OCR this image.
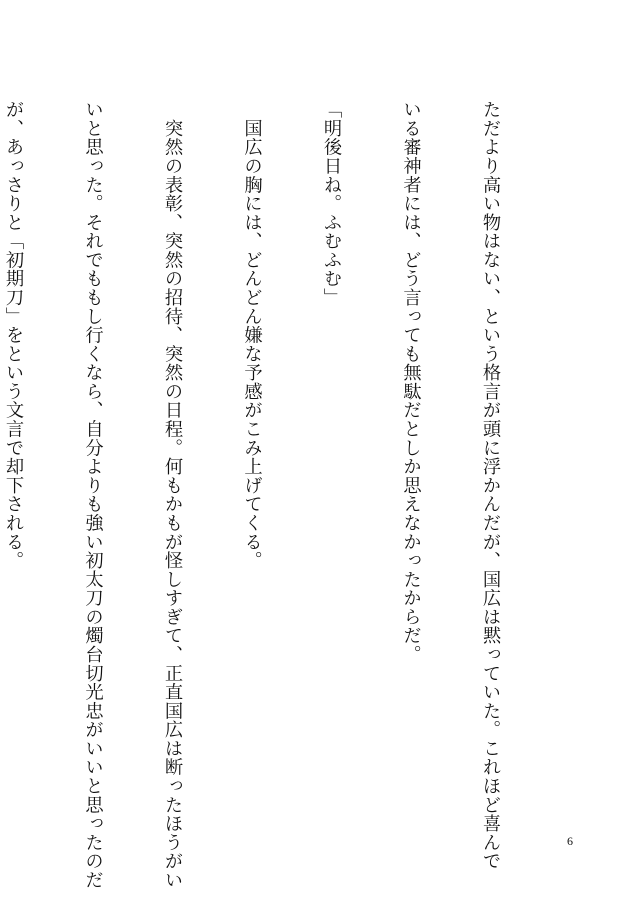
ただより高い物はない、という格言が頭に浮かんだが、国広は黙っていた。これほど喜んで

いる審神者には、どう言っても無駄だとしか思えなかったからだ。

「明後日ね。ふむふむ」

　国広の胸には、どんどん嫌な予感がこみ上げてくる。

　突然の表彰、突然の招待、突然の日程。何もかもが怪しすぎて、正直国広は断ったほうがい

いと思った。それでももし行くなら、自分よりも強い初太刀の燭台切光忠がいいと思ったのだ

が、あっさりと「初期刀」をという文言で却下される。

6
